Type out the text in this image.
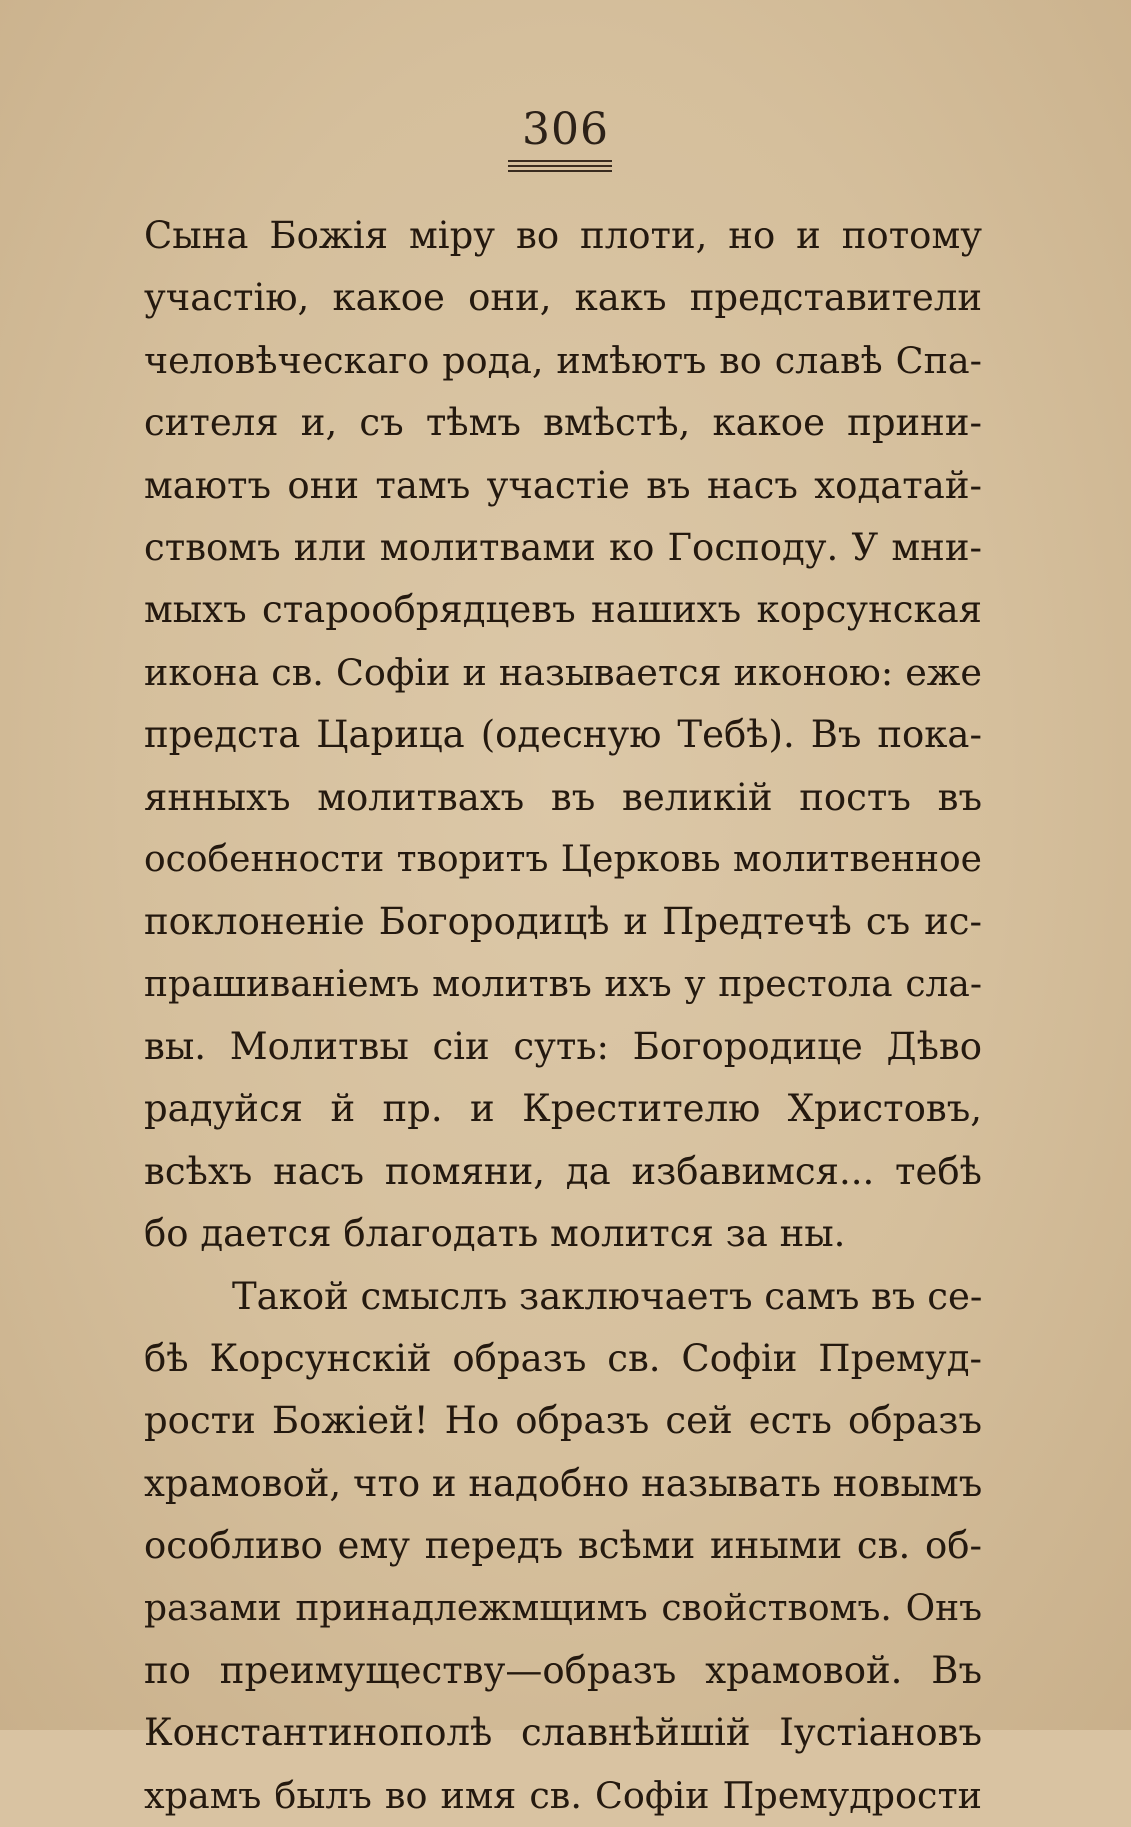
306
Сына Божія міру во плоти, но и потому
участію, какое они, какъ представители
человѣческаго рода, имѣютъ во славѣ Спа-
сителя и, съ тѣмъ вмѣстѣ, какое прини-
маютъ они тамъ участіе въ насъ ходатай-
ствомъ или молитвами ко Господу. У мни-
мыхъ старообрядцевъ нашихъ корсунская
икона св. Софіи и называется иконою: еже
предста Царица (одесную Тебѣ). Въ пока-
янныхъ молитвахъ въ великій постъ въ
особенности творитъ Церковь молитвенное
поклоненіе Богородицѣ и Предтечѣ съ ис-
прашиваніемъ молитвъ ихъ у престола сла-
вы. Молитвы сіи суть: Богородице Дѣво
радуйся й пр. и Крестителю Христовъ,
всѣхъ насъ помяни, да избавимся... тебѣ
бо дается благодать молится за ны.
Такой смыслъ заключаетъ самъ въ се-
бѣ Корсунскій образъ св. Софіи Премуд-
рости Божіей! Но образъ сей есть образъ
храмовой, что и надобно называть новымъ
особливо ему передъ всѣми иными св. об-
разами принадлежмщимъ свойствомъ. Онъ
по преимуществу—образъ храмовой. Въ
Константинополѣ славнѣйшій Іустіановъ
храмъ былъ во имя св. Софіи Премудрости
